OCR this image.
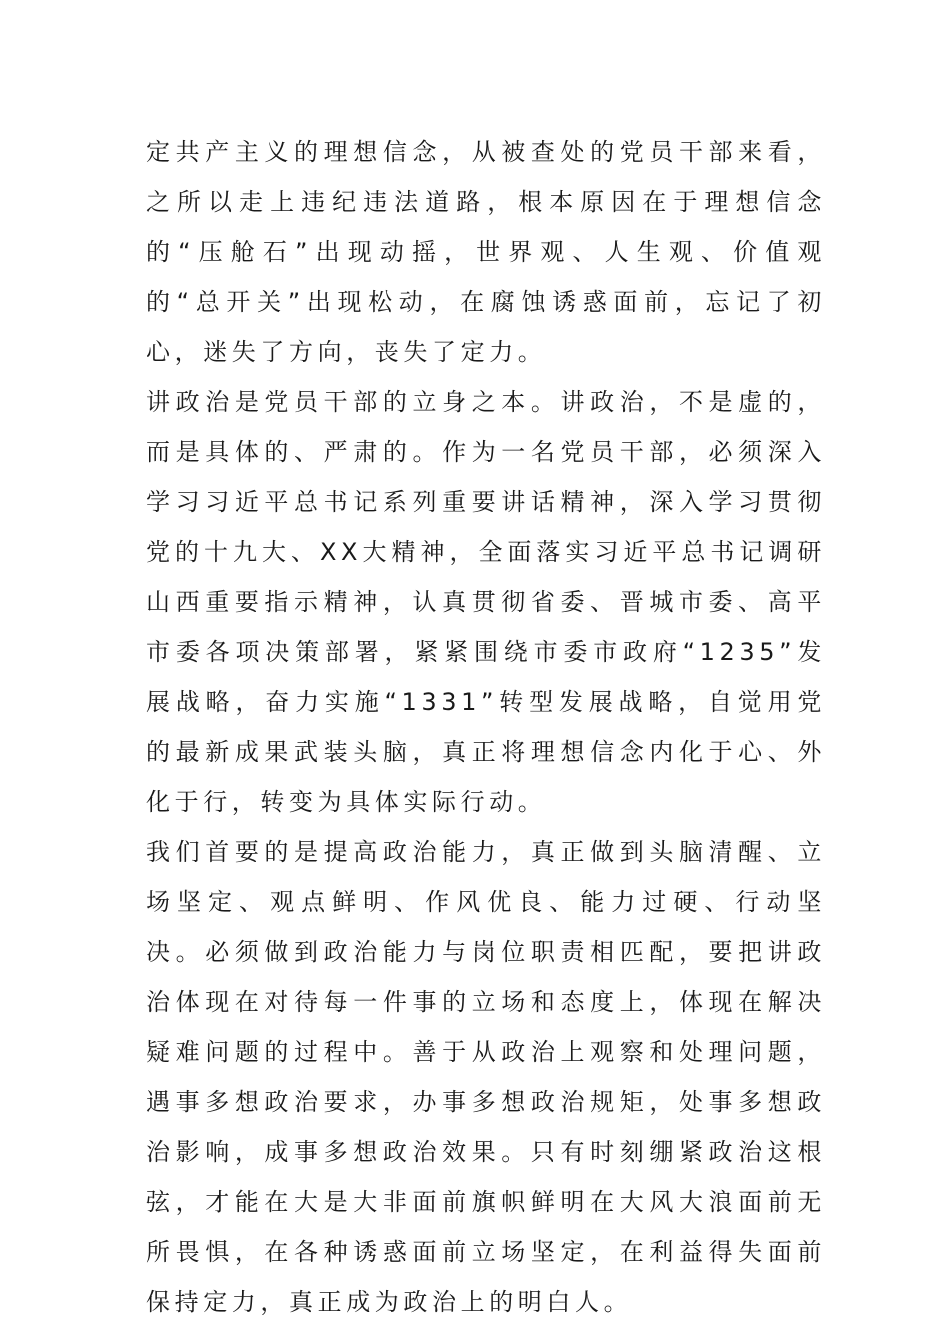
定共产主义的理想信念，从被查处的党员干部来看，之所以走上违纪违法道路，根本原因在于理想信念的“压舱石”出现动摇，世界观、人生观、价值观的“总开关”出现松动，在腐蚀诱惑面前，忘记了初心，迷失了方向，丧失了定力。

讲政治是党员干部的立身之本。讲政治，不是虚的，而是具体的、严肃的。作为一名党员干部，必须深入学习习近平总书记系列重要讲话精神，深入学习贯彻党的十九大、XX大精神，全面落实习近平总书记调研山西重要指示精神，认真贯彻省委、晋城市委、高平市委各项决策部署，紧紧围绕市委市政府“1235”发展战略，奋力实施“1331”转型发展战略，自觉用党的最新成果武装头脑，真正将理想信念内化于心、外化于行，转变为具体实际行动。

我们首要的是提高政治能力，真正做到头脑清醒、立场坚定、观点鲜明、作风优良、能力过硬、行动坚决。必须做到政治能力与岗位职责相匹配，要把讲政治体现在对待每一件事的立场和态度上，体现在解决疑难问题的过程中。善于从政治上观察和处理问题，遇事多想政治要求，办事多想政治规矩，处事多想政治影响，成事多想政治效果。只有时刻绷紧政治这根弦，才能在大是大非面前旗帜鲜明在大风大浪面前无所畏惧，在各种诱惑面前立场坚定，在利益得失面前保持定力，真正成为政治上的明白人。
